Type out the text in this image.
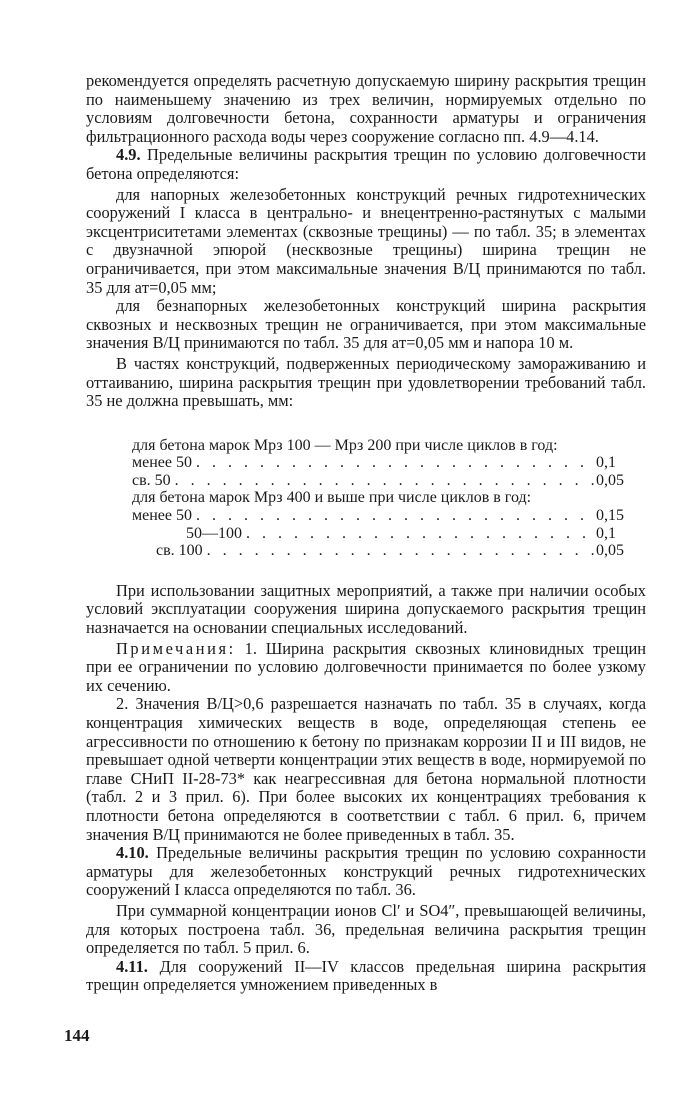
рекомендуется определять расчетную допускаемую ширину раскрытия трещин по наименьшему значению из трех величин, нормируемых отдельно по условиям долговечности бетона, сохранности арматуры и ограничения фильтрационного расхода воды через сооружение согласно пп. 4.9—4.14.

4.9. Предельные величины раскрытия трещин по условию долговечности бетона определяются:

для напорных железобетонных конструкций речных гидротехнических сооружений I класса в центрально- и внецентренно-растянутых с малыми эксцентриситетами элементах (сквозные трещины) — по табл. 35; в элементах с двузначной эпюрой (несквозные трещины) ширина трещин не ограничивается, при этом максимальные значения B/Ц принимаются по табл. 35 для aт=0,05 мм;

для безнапорных железобетонных конструкций ширина раскрытия сквозных и несквозных трещин не ограничивается, при этом максимальные значения B/Ц принимаются по табл. 35 для aт=0,05 мм и напора 10 м.

В частях конструкций, подверженных периодическому замораживанию и оттаиванию, ширина раскрытия трещин при удовлетворении требований табл. 35 не должна превышать, мм:

для бетона марок Мрз 100 — Мрз 200 при числе циклов в год:
менее 50 . . .	0,1
св. 50 . . .	0,05
для бетона марок Мрз 400 и выше при числе циклов в год:
менее 50 . . .	0,15
50—100 . . .	0,1
св. 100 . . .	0,05

При использовании защитных мероприятий, а также при наличии особых условий эксплуатации сооружения ширина допускаемого раскрытия трещин назначается на основании специальных исследований.

Примечания: 1. Ширина раскрытия сквозных клиновидных трещин при ее ограничении по условию долговечности принимается по более узкому их сечению.

2. Значения B/Ц>0,6 разрешается назначать по табл. 35 в случаях, когда концентрация химических веществ в воде, определяющая степень ее агрессивности по отношению к бетону по признакам коррозии II и III видов, не превышает одной четверти концентрации этих веществ в воде, нормируемой по главе СНиП II-28-73* как неагрессивная для бетона нормальной плотности (табл. 2 и 3 прил. 6). При более высоких их концентрациях требования к плотности бетона определяются в соответствии с табл. 6 прил. 6, причем значения B/Ц принимаются не более приведенных в табл. 35.

4.10. Предельные величины раскрытия трещин по условию сохранности арматуры для железобетонных конструкций речных гидротехнических сооружений I класса определяются по табл. 36.

При суммарной концентрации ионов Cl′ и SO4″, превышающей величины, для которых построена табл. 36, предельная величина раскрытия трещин определяется по табл. 5 прил. 6.

4.11. Для сооружений II—IV классов предельная ширина раскрытия трещин определяется умножением приведенных в

144
